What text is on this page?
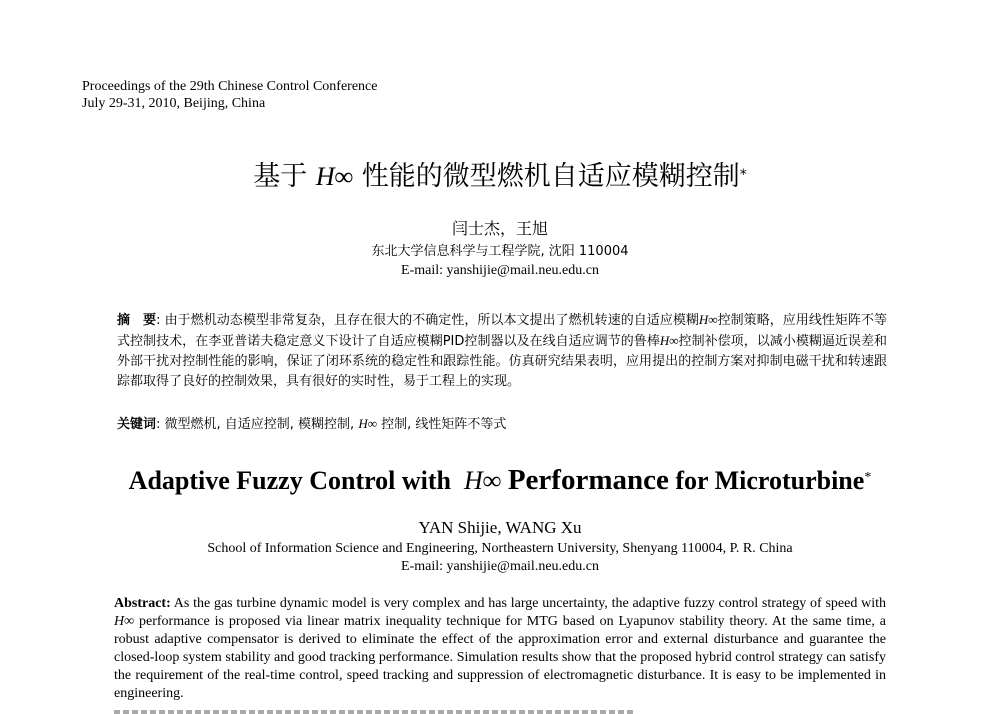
Proceedings of the 29th Chinese Control Conference
July 29-31, 2010, Beijing, China
基于 H∞ 性能的微型燃机自适应模糊控制*
闫士杰，王旭
东北大学信息科学与工程学院, 沈阳 110004
E-mail: yanshijie@mail.neu.edu.cn
摘　要: 由于燃机动态模型非常复杂，且存在很大的不确定性，所以本文提出了燃机转速的自适应模糊H∞控制策略，应用线性矩阵不等式控制技术，在李亚普诺夫稳定意义下设计了自适应模糊PID控制器以及在线自适应调节的鲁棒H∞控制补偿项，以减小模糊逼近误差和外部干扰对控制性能的影响，保证了闭环系统的稳定性和跟踪性能。仿真研究结果表明，应用提出的控制方案对抑制电磁干扰和转速跟踪都取得了良好的控制效果，具有很好的实时性，易于工程上的实现。
关键词: 微型燃机, 自适应控制, 模糊控制, H∞ 控制, 线性矩阵不等式
Adaptive Fuzzy Control with H∞ Performance for Microturbine*
YAN Shijie, WANG Xu
School of Information Science and Engineering, Northeastern University, Shenyang 110004, P. R. China
E-mail: yanshijie@mail.neu.edu.cn
Abstract: As the gas turbine dynamic model is very complex and has large uncertainty, the adaptive fuzzy control strategy of speed with H∞ performance is proposed via linear matrix inequality technique for MTG based on Lyapunov stability theory. At the same time, a robust adaptive compensator is derived to eliminate the effect of the approximation error and external disturbance and guarantee the closed-loop system stability and good tracking performance. Simulation results show that the proposed hybrid control strategy can satisfy the requirement of the real-time control, speed tracking and suppression of electromagnetic disturbance. It is easy to be implemented in engineering.
